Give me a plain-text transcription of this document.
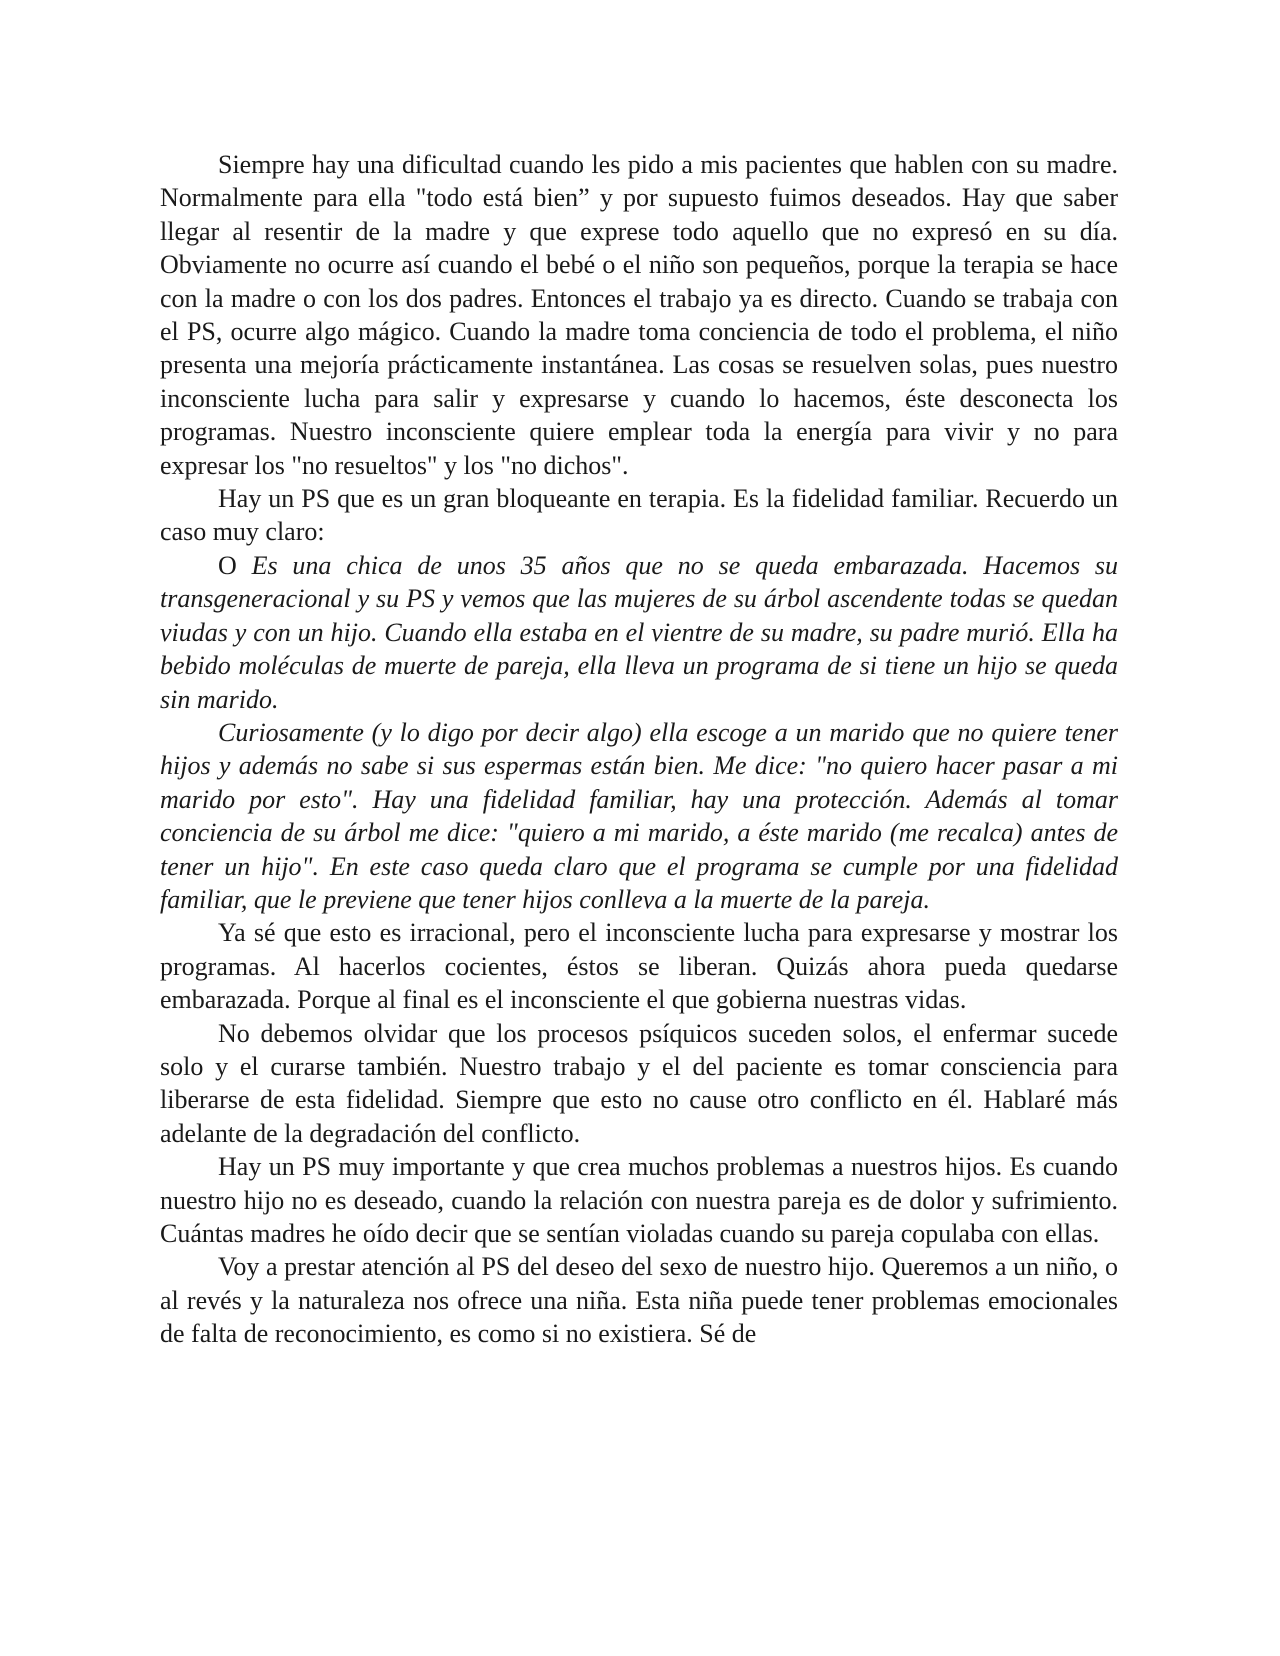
Siempre hay una dificultad cuando les pido a mis pacientes que hablen con su madre. Normalmente para ella "todo está bien” y por supuesto fuimos deseados. Hay que saber llegar al resentir de la madre y que exprese todo aquello que no expresó en su día. Obviamente no ocurre así cuando el bebé o el niño son pequeños, porque la terapia se hace con la madre o con los dos padres. Entonces el trabajo ya es directo. Cuando se trabaja con el PS, ocurre algo mágico. Cuando la madre toma conciencia de todo el problema, el niño presenta una mejoría prácticamente instantánea. Las cosas se resuelven solas, pues nuestro inconsciente lucha para salir y expresarse y cuando lo hacemos, éste desconecta los programas. Nuestro inconsciente quiere emplear toda la energía para vivir y no para expresar los "no resueltos" y los "no dichos".

Hay un PS que es un gran bloqueante en terapia. Es la fidelidad familiar. Recuerdo un caso muy claro:

O Es una chica de unos 35 años que no se queda embarazada. Hacemos su transgeneracional y su PS y vemos que las mujeres de su árbol ascendente todas se quedan viudas y con un hijo. Cuando ella estaba en el vientre de su madre, su padre murió. Ella ha bebido moléculas de muerte de pareja, ella lleva un programa de si tiene un hijo se queda sin marido.

Curiosamente (y lo digo por decir algo) ella escoge a un marido que no quiere tener hijos y además no sabe si sus espermas están bien. Me dice: "no quiero hacer pasar a mi marido por esto". Hay una fidelidad familiar, hay una protección. Además al tomar conciencia de su árbol me dice: "quiero a mi marido, a éste marido (me recalca) antes de tener un hijo". En este caso queda claro que el programa se cumple por una fidelidad familiar, que le previene que tener hijos conlleva a la muerte de la pareja.

Ya sé que esto es irracional, pero el inconsciente lucha para expresarse y mostrar los programas. Al hacerlos cocientes, éstos se liberan. Quizás ahora pueda quedarse embarazada. Porque al final es el inconsciente el que gobierna nuestras vidas.

No debemos olvidar que los procesos psíquicos suceden solos, el enfermar sucede solo y el curarse también. Nuestro trabajo y el del paciente es tomar consciencia para liberarse de esta fidelidad. Siempre que esto no cause otro conflicto en él. Hablaré más adelante de la degradación del conflicto.

Hay un PS muy importante y que crea muchos problemas a nuestros hijos. Es cuando nuestro hijo no es deseado, cuando la relación con nuestra pareja es de dolor y sufrimiento. Cuántas madres he oído decir que se sentían violadas cuando su pareja copulaba con ellas.

Voy a prestar atención al PS del deseo del sexo de nuestro hijo. Queremos a un niño, o al revés y la naturaleza nos ofrece una niña. Esta niña puede tener problemas emocionales de falta de reconocimiento, es como si no existiera. Sé de
